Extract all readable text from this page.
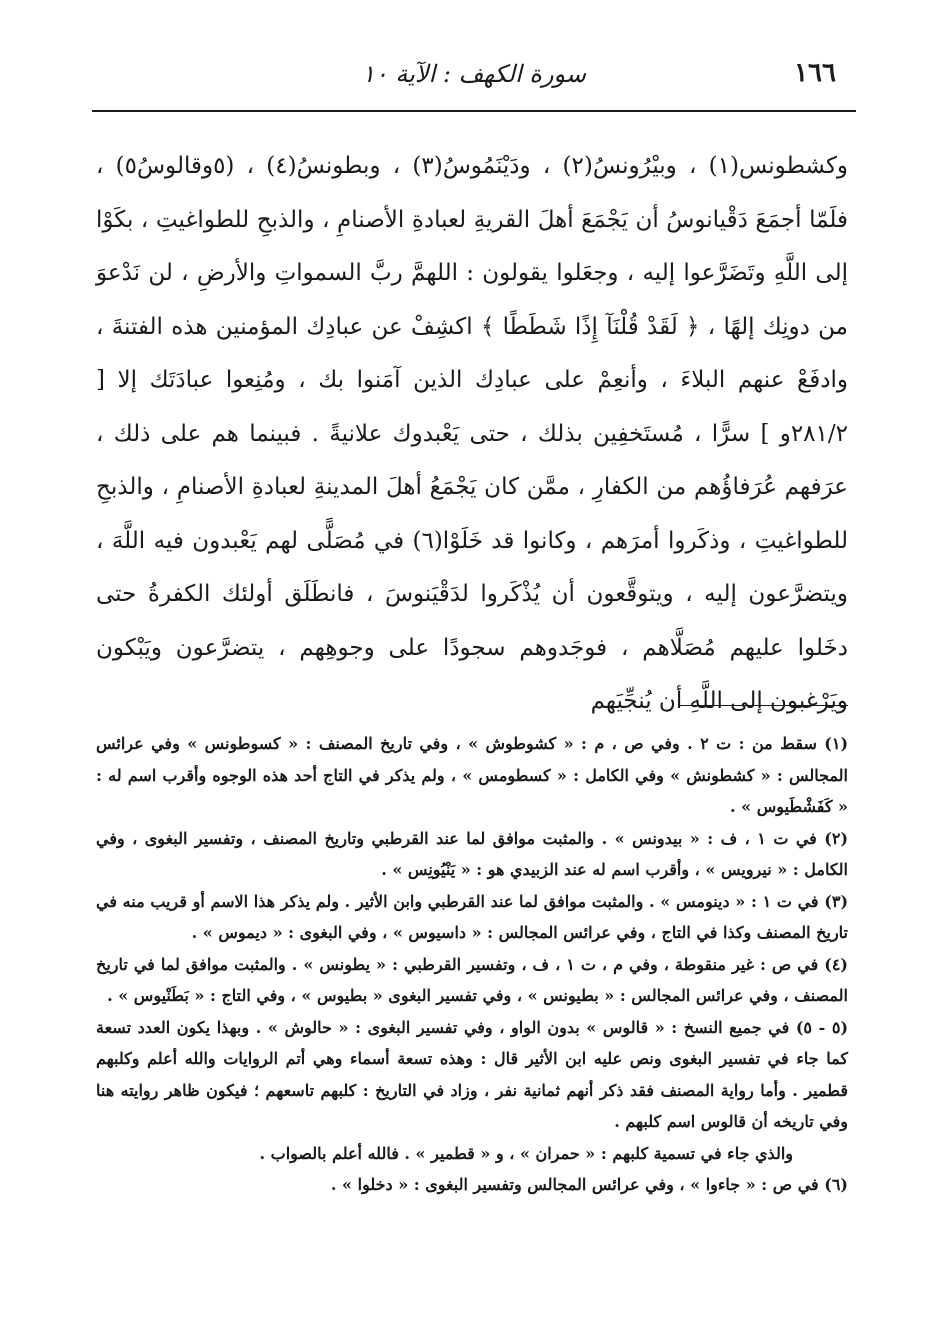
١٦٦
سورة الكهف : الآية ١٠

وكشطونس(١) ، وبيْرُونسُ(٢) ، ودَيْنَمُوسُ(٣) ، وبطونسُ(٤) ، (٥وقالوسُ٥) ، فلَمّا أجمَعَ دَقْيانوسُ أن يَجْمَعَ أهلَ القريةِ لعبادةِ الأصنامِ ، والذبحِ للطواغيتِ ، بكَوْا إلى اللَّهِ وتَضَرَّعوا إليه ، وجعَلوا يقولون : اللهمَّ ربَّ السمواتِ والأرضِ ، لن نَدْعوَ من دونِك إلهًا ، ﴿ لَقَدْ قُلْنَآ إِذًا شَطَطًا ﴾ اكشِفْ عن عبادِك المؤمنين هذه الفتنةَ ، وادفَعْ عنهم البلاءَ ، وأنعِمْ على عبادِك الذين آمَنوا بك ، ومُنِعوا عبادَتَك إلا [ ٢٨١/٢و ] سرًّا ، مُستَخفِين بذلك ، حتى يَعْبدوك علانيةً . فبينما هم على ذلك ، عرَفهم عُرَفاؤُهم من الكفارِ ، ممَّن كان يَجْمَعُ أهلَ المدينةِ لعبادةِ الأصنامِ ، والذبحِ للطواغيتِ ، وذكَروا أمرَهم ، وكانوا قد خَلَوْا(٦) في مُصَلًّى لهم يَعْبدون فيه اللَّهَ ، ويتضرَّعون إليه ، ويتوقَّعون أن يُذْكَروا لدَقْيَنوسَ ، فانطَلَق أولئك الكفرةُ حتى دخَلوا عليهم مُصَلَّاهم ، فوجَدوهم سجودًا على وجوهِهم ، يتضرَّعون ويَبْكون ويَرْغبون إلى اللَّهِ أن يُنجِّيَهم

(١) سقط من : ت ٢ . وفي ص ، م : « كشوطوش » ، وفي تاريخ المصنف : « كسوطونس » وفي عرائس المجالس : « كشطونش » وفي الكامل : « كسطومس » ، ولم يذكر في التاج أحد هذه الوجوه وأقرب اسم له : « كَفَشْطَيوس » .

(٢) في ت ١ ، ف : « بيدونس » . والمثبت موافق لما عند القرطبي وتاريخ المصنف ، وتفسير البغوى ، وفي الكامل : « نيرويس » ، وأقرب اسم له عند الزبيدي هو : « يَنْيُونِس » .

(٣) في ت ١ : « دينومس » . والمثبت موافق لما عند القرطبي وابن الأثير . ولم يذكر هذا الاسم أو قريب منه في تاريخ المصنف وكذا في التاج ، وفي عرائس المجالس : « داسيوس » ، وفي البغوى : « ديموس » .

(٤) في ص : غير منقوطة ، وفي م ، ت ١ ، ف ، وتفسير القرطبي : « يطونس » . والمثبت موافق لما في تاريخ المصنف ، وفي عرائس المجالس : « بطيونس » ، وفي تفسير البغوى « بطيوس » ، وفي التاج : « بَطَنْيوس » .

(٥ - ٥) في جميع النسخ : « قالوس » بدون الواو ، وفي تفسير البغوى : « حالوش » . وبهذا يكون العدد تسعة كما جاء في تفسير البغوى ونص عليه ابن الأثير قال : وهذه تسعة أسماء وهي أتم الروايات والله أعلم وكلبهم قطمير . وأما رواية المصنف فقد ذكر أنهم ثمانية نفر ، وزاد في التاريخ : كلبهم تاسعهم ؛ فيكون ظاهر روايته هنا وفي تاريخه أن قالوس اسم كلبهم .

والذي جاء في تسمية كلبهم : « حمران » ، و « قطمير » . فالله أعلم بالصواب .

(٦) في ص : « جاءوا » ، وفي عرائس المجالس وتفسير البغوى : « دخلوا » .
